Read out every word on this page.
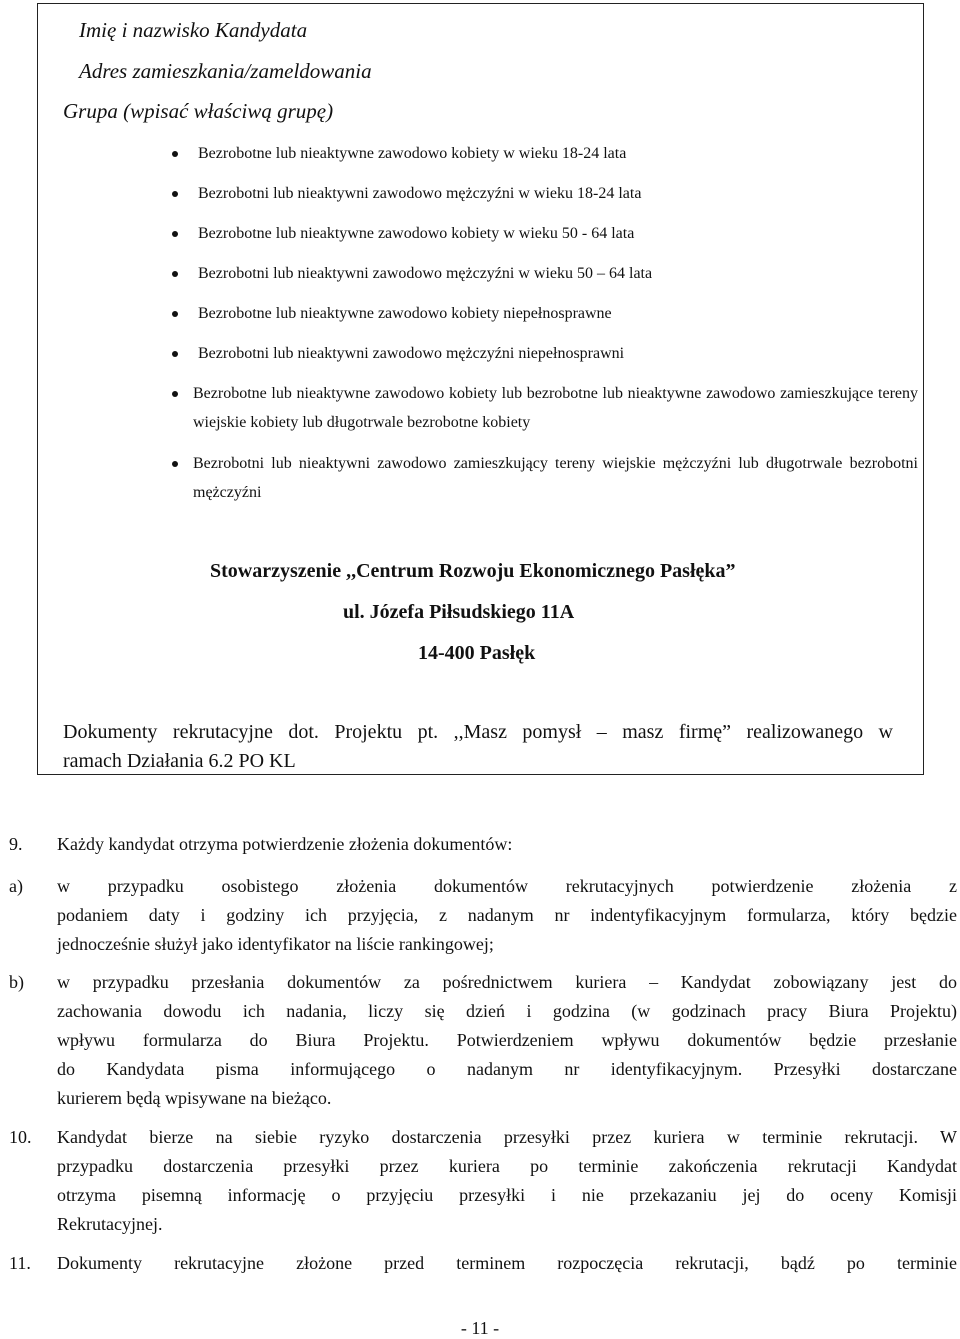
Imię i nazwisko Kandydata
Adres zamieszkania/zameldowania
Grupa (wpisać właściwą grupę)
Bezrobotne lub nieaktywne zawodowo kobiety w wieku 18-24 lata
Bezrobotni lub nieaktywni zawodowo mężczyźni w wieku 18-24 lata
Bezrobotne lub nieaktywne zawodowo kobiety w wieku 50 - 64 lata
Bezrobotni lub nieaktywni zawodowo mężczyźni w wieku 50 – 64 lata
Bezrobotne lub nieaktywne zawodowo kobiety niepełnosprawne
Bezrobotni lub nieaktywni zawodowo mężczyźni niepełnosprawni
Bezrobotne lub nieaktywne zawodowo kobiety lub bezrobotne lub nieaktywne zawodowo zamieszkujące tereny wiejskie kobiety lub długotrwale bezrobotne kobiety
Bezrobotni lub nieaktywni zawodowo zamieszkujący tereny wiejskie mężczyźni lub długotrwale bezrobotni mężczyźni
Stowarzyszenie ,,Centrum Rozwoju Ekonomicznego Pasłęka”
ul. Józefa Piłsudskiego 11A
14-400 Pasłęk
Dokumenty rekrutacyjne dot. Projektu pt. ,,Masz pomysł – masz firmę” realizowanego w
ramach Działania 6.2 PO KL
9. Każdy kandydat otrzyma potwierdzenie złożenia dokumentów:
a) w przypadku osobistego złożenia dokumentów rekrutacyjnych potwierdzenie złożenia z
podaniem daty i godziny ich przyjęcia, z nadanym nr indentyfikacyjnym formularza, który będzie
jednocześnie służył jako identyfikator na liście rankingowej;
b) w przypadku przesłania dokumentów za pośrednictwem kuriera – Kandydat zobowiązany jest do
zachowania dowodu ich nadania, liczy się dzień i godzina (w godzinach pracy Biura Projektu)
wpływu formularza do Biura Projektu. Potwierdzeniem wpływu dokumentów będzie przesłanie
do Kandydata pisma informującego o nadanym nr identyfikacyjnym. Przesyłki dostarczane
kurierem będą wpisywane na bieżąco.
10. Kandydat bierze na siebie ryzyko dostarczenia przesyłki przez kuriera w terminie rekrutacji. W
przypadku dostarczenia przesyłki przez kuriera po terminie zakończenia rekrutacji Kandydat
otrzyma pisemną informację o przyjęciu przesyłki i nie przekazaniu jej do oceny Komisji
Rekrutacyjnej.
11. Dokumenty rekrutacyjne złożone przed terminem rozpoczęcia rekrutacji, bądź po terminie
- 11 -
